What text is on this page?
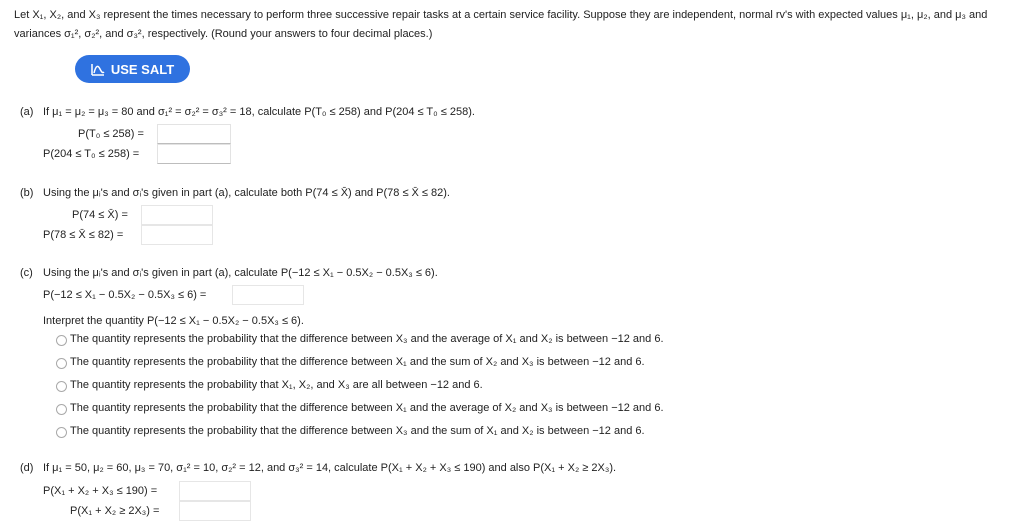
Let X₁, X₂, and X₃ represent the times necessary to perform three successive repair tasks at a certain service facility. Suppose they are independent, normal rv's with expected values μ₁, μ₂, and μ₃ and variances σ₁², σ₂², and σ₃², respectively. (Round your answers to four decimal places.)
USE SALT
(a) If μ₁ = μ₂ = μ₃ = 80 and σ₁² = σ₂² = σ₃² = 18, calculate P(T₀ ≤ 258) and P(204 ≤ T₀ ≤ 258).
P(T₀ ≤ 258) =
P(204 ≤ T₀ ≤ 258) =
(b) Using the μᵢ's and σᵢ's given in part (a), calculate both P(74 ≤ X̄) and P(78 ≤ X̄ ≤ 82).
P(74 ≤ X̄) =
P(78 ≤ X̄ ≤ 82) =
(c) Using the μᵢ's and σᵢ's given in part (a), calculate P(−12 ≤ X₁ − 0.5X₂ − 0.5X₃ ≤ 6).
P(−12 ≤ X₁ − 0.5X₂ − 0.5X₃ ≤ 6) =
Interpret the quantity P(−12 ≤ X₁ − 0.5X₂ − 0.5X₃ ≤ 6).
The quantity represents the probability that the difference between X₃ and the average of X₁ and X₂ is between −12 and 6.
The quantity represents the probability that the difference between X₁ and the sum of X₂ and X₃ is between −12 and 6.
The quantity represents the probability that X₁, X₂, and X₃ are all between −12 and 6.
The quantity represents the probability that the difference between X₁ and the average of X₂ and X₃ is between −12 and 6.
The quantity represents the probability that the difference between X₃ and the sum of X₁ and X₂ is between −12 and 6.
(d) If μ₁ = 50, μ₂ = 60, μ₃ = 70, σ₁² = 10, σ₂² = 12, and σ₃² = 14, calculate P(X₁ + X₂ + X₃ ≤ 190) and also P(X₁ + X₂ ≥ 2X₃).
P(X₁ + X₂ + X₃ ≤ 190) =
P(X₁ + X₂ ≥ 2X₃) =
